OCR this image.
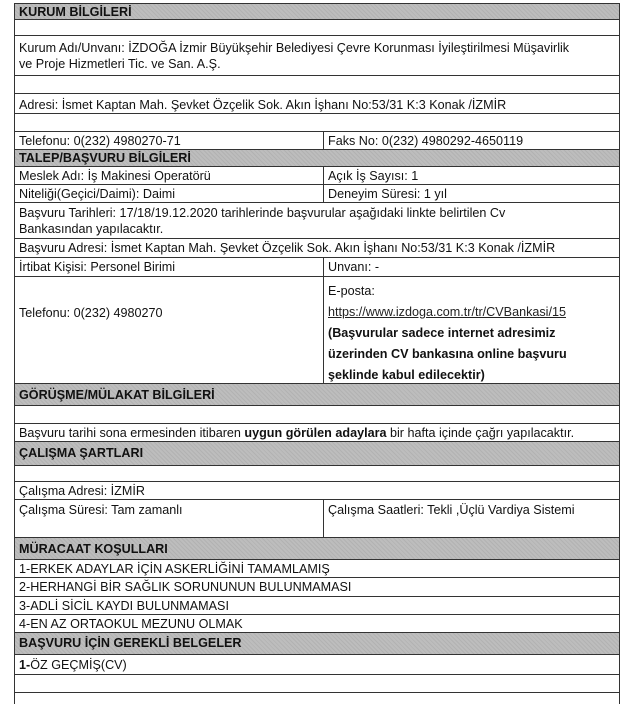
KURUM BİLGİLERİ
Kurum Adı/Unvanı: İZDOĞA İzmir Büyükşehir Belediyesi Çevre Korunması İyileştirilmesi Müşavirlik
ve Proje Hizmetleri Tic. ve San. A.Ş.
Adresi: İsmet Kaptan Mah. Şevket Özçelik Sok. Akın İşhanı No:53/31 K:3 Konak /İZMİR
Telefonu: 0(232) 4980270-71	Faks No: 0(232) 4980292-4650119
TALEP/BAŞVURU BİLGİLERİ
Meslek Adı: İş Makinesi Operatörü	Açık İş Sayısı: 1
Niteliği(Geçici/Daimi): Daimi	Deneyim Süresi: 1 yıl
Başvuru Tarihleri: 17/18/19.12.2020 tarihlerinde başvurular aşağıdaki linkte belirtilen Cv
Bankasından yapılacaktır.
Başvuru Adresi: İsmet Kaptan Mah. Şevket Özçelik Sok. Akın İşhanı No:53/31 K:3 Konak /İZMİR
İrtibat Kişisi: Personel Birimi	Unvanı: -
Telefonu: 0(232) 4980270
E-posta:
https://www.izdoga.com.tr/tr/CVBankasi/15
(Başvurular sadece internet adresimiz
üzerinden CV bankasına online başvuru
şeklinde kabul edilecektir)
GÖRÜŞME/MÜLAKAT BİLGİLERİ
Başvuru tarihi sona ermesinden itibaren uygun görülen adaylara bir hafta içinde çağrı yapılacaktır.
ÇALIŞMA ŞARTLARI
Çalışma Adresi: İZMİR
Çalışma Süresi: Tam zamanlı	Çalışma Saatleri: Tekli ,Üçlü Vardiya Sistemi
MÜRACAAT KOŞULLARI
1-ERKEK ADAYLAR İÇİN ASKERLİĞİNİ TAMAMLAMIŞ
2-HERHANGİ BİR SAĞLIK SORUNUNUN BULUNMAMASI
3-ADLİ SİCİL KAYDI BULUNMAMASI
4-EN AZ ORTAOKUL MEZUNU OLMAK
BAŞVURU İÇİN GEREKLİ BELGELER
1-ÖZ GEÇMİŞ(CV)
